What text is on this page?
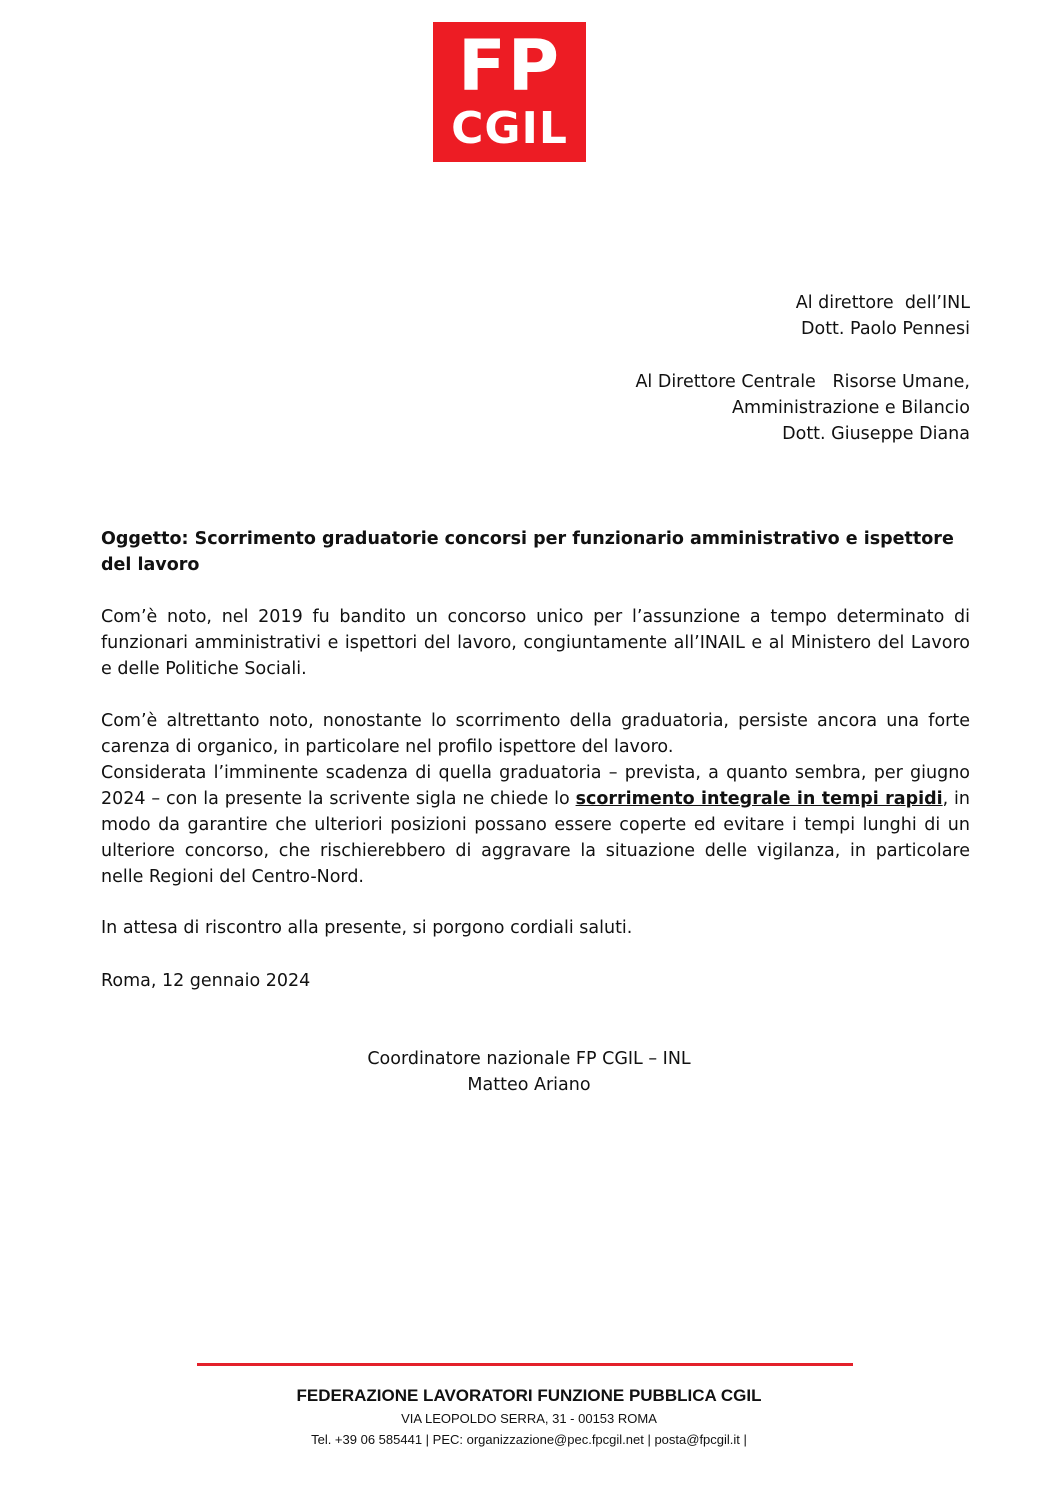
FP
CGIL
Al direttore  dell’INL
Dott. Paolo Pennesi
Al Direttore Centrale   Risorse Umane,
Amministrazione e Bilancio
Dott. Giuseppe Diana
Oggetto: Scorrimento graduatorie concorsi per funzionario amministrativo e ispettore del lavoro
Com’è noto, nel 2019 fu bandito un concorso unico per l’assunzione a tempo determinato di funzionari amministrativi e ispettori del lavoro, congiuntamente all’INAIL e al Ministero del Lavoro e delle Politiche Sociali.
Com’è altrettanto noto, nonostante lo scorrimento della graduatoria, persiste ancora una forte carenza di organico, in particolare nel profilo ispettore del lavoro.
Considerata l’imminente scadenza di quella graduatoria – prevista, a quanto sembra, per giugno 2024 – con la presente la scrivente sigla ne chiede lo scorrimento integrale in tempi rapidi, in modo da garantire che ulteriori posizioni possano essere coperte ed evitare i tempi lunghi di un ulteriore concorso, che rischierebbero di aggravare la situazione delle vigilanza, in particolare nelle Regioni del Centro-Nord.
In attesa di riscontro alla presente, si porgono cordiali saluti.
Roma, 12 gennaio 2024
Coordinatore nazionale FP CGIL – INL
Matteo Ariano
FEDERAZIONE LAVORATORI FUNZIONE PUBBLICA CGIL
VIA LEOPOLDO SERRA, 31 - 00153 ROMA
Tel. +39 06 585441 | PEC: organizzazione@pec.fpcgil.net | posta@fpcgil.it |
